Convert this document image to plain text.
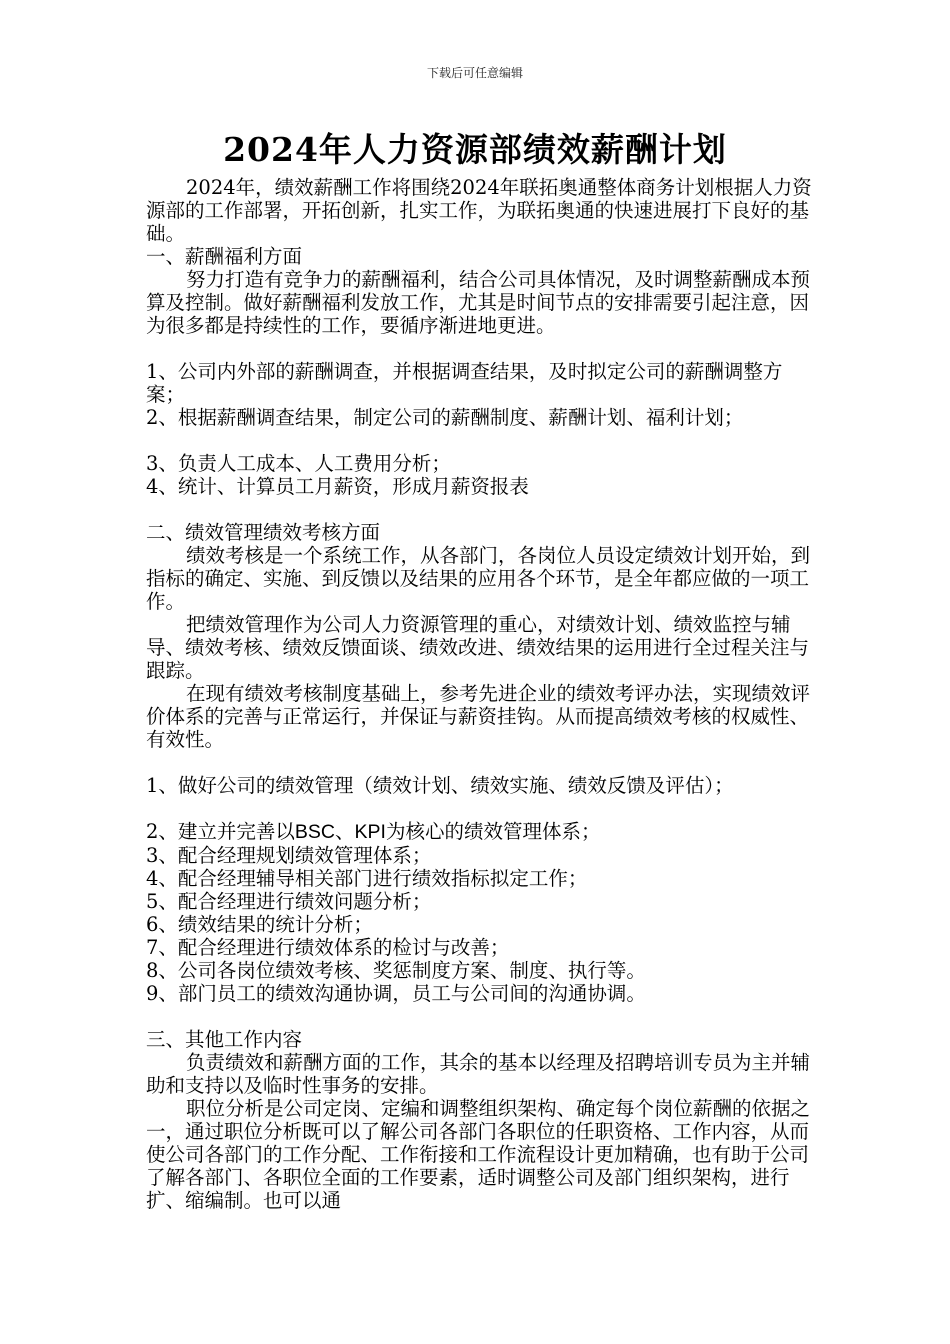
下载后可任意编辑
2024年人力资源部绩效薪酬计划

2024年，绩效薪酬工作将围绕2024年联拓奥通整体商务计划根据人力资源部的工作部署，开拓创新，扎实工作，为联拓奥通的快速进展打下良好的基础。

一、薪酬福利方面

努力打造有竞争力的薪酬福利，结合公司具体情况，及时调整薪酬成本预算及控制。做好薪酬福利发放工作，尤其是时间节点的安排需要引起注意，因为很多都是持续性的工作，要循序渐进地更进。

1、公司内外部的薪酬调查，并根据调查结果，及时拟定公司的薪酬调整方案；

2、根据薪酬调查结果，制定公司的薪酬制度、薪酬计划、福利计划；

3、负责人工成本、人工费用分析；

4、统计、计算员工月薪资，形成月薪资报表

二、绩效管理绩效考核方面

绩效考核是一个系统工作，从各部门，各岗位人员设定绩效计划开始，到指标的确定、实施、到反馈以及结果的应用各个环节，是全年都应做的一项工作。

把绩效管理作为公司人力资源管理的重心，对绩效计划、绩效监控与辅导、绩效考核、绩效反馈面谈、绩效改进、绩效结果的运用进行全过程关注与跟踪。

在现有绩效考核制度基础上，参考先进企业的绩效考评办法，实现绩效评价体系的完善与正常运行，并保证与薪资挂钩。从而提高绩效考核的权威性、有效性。

1、做好公司的绩效管理（绩效计划、绩效实施、绩效反馈及评估）；

2、建立并完善以BSC、KPI为核心的绩效管理体系；

3、配合经理规划绩效管理体系；

4、配合经理辅导相关部门进行绩效指标拟定工作；

5、配合经理进行绩效问题分析；

6、绩效结果的统计分析；

7、配合经理进行绩效体系的检讨与改善；

8、公司各岗位绩效考核、奖惩制度方案、制度、执行等。

9、部门员工的绩效沟通协调，员工与公司间的沟通协调。

三、其他工作内容

负责绩效和薪酬方面的工作，其余的基本以经理及招聘培训专员为主并辅助和支持以及临时性事务的安排。

职位分析是公司定岗、定编和调整组织架构、确定每个岗位薪酬的依据之一，通过职位分析既可以了解公司各部门各职位的任职资格、工作内容，从而使公司各部门的工作分配、工作衔接和工作流程设计更加精确，也有助于公司了解各部门、各职位全面的工作要素，适时调整公司及部门组织架构，进行扩、缩编制。也可以通
